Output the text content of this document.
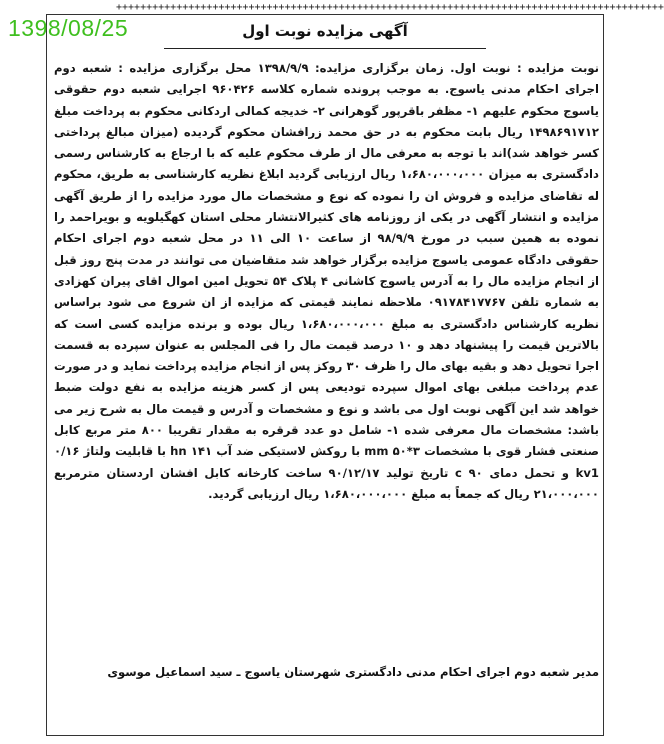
+++++++++++++++++++++++++++++++++++++++++++++++++++++++++++++++++++++++++++++++++++++++++++
1398/08/25	آگهی مزایده نوبت اول

نوبت مزایده : نوبت اول. زمان برگزاری مزایده: ۱۳۹۸/۹/۹ محل برگزاری مزایده : شعبه دوم اجرای احکام مدنی یاسوج. به موجب پرونده شماره کلاسه ۹۶۰۴۲۶ اجرایی شعبه دوم حقوقی یاسوج محکوم علیهم ۱- مظفر باقرپور گوهرانی ۲- خدیجه کمالی اردکانی محکوم به پرداخت مبلغ ۱۴۹۸۶۹۱۷۱۲ ریال بابت محکوم به در حق محمد زرافشان محکوم گردیده (میزان مبالغ پرداختی کسر خواهد شد)اند با توجه به معرفی مال از طرف محکوم علیه که با ارجاع به کارشناس رسمی دادگستری به میزان ۱،۶۸۰،۰۰۰،۰۰۰ ریال ارزیابی گردید ابلاغ نظریه کارشناسی به طریق، محکوم له تقاضای مزایده و فروش ان را نموده که نوع و مشخصات مال مورد مزایده را از طریق آگهی مزایده و انتشار آگهی در یکی از روزنامه های کثیرالانتشار محلی استان کهگیلویه و بویراحمد را نموده به همین سبب در مورخ ۹۸/۹/۹ از ساعت ۱۰ الی ۱۱ در محل شعبه دوم اجرای احکام حقوقی دادگاه عمومی یاسوج مزایده برگزار خواهد شد متقاضیان می توانند در مدت پنج روز قبل از انجام مزایده مال را به آدرس یاسوج کاشانی ۴ پلاک ۵۴ تحویل امین اموال اقای پیران کهزادی به شماره تلفن ۰۹۱۷۸۴۱۷۷۶۷ ملاحظه نمایند قیمتی که مزایده از ان شروع می شود براساس نظریه کارشناس دادگستری به مبلغ ۱،۶۸۰،۰۰۰،۰۰۰ ریال بوده و برنده مزایده کسی است که بالاترین قیمت را پیشنهاد دهد و ۱۰ درصد قیمت مال را فی المجلس به عنوان سپرده به قسمت اجرا تحویل دهد و بقیه بهای مال را ظرف ۳۰ روکز پس از انجام مزایده پرداخت نماید و در صورت عدم پرداخت مبلغی بهای اموال سپرده تودیعی پس از کسر هزینه مزایده به نفع دولت ضبط خواهد شد این آگهی نوبت اول می باشد و نوع و مشخصات و آدرس و قیمت مال به شرح زیر می باشد: مشخصات مال معرفی شده ۱- شامل دو عدد قرقره به مقدار تقریبا ۸۰۰ متر مربع کابل صنعتی فشار قوی با مشخصات ۳*۵۰ mm با روکش لاستیکی ضد آب ۱۴۱ hn با قابلیت ولتاژ ۰/۱۶ kv1 و تحمل دمای ۹۰ c تاریخ تولید ۹۰/۱۲/۱۷ ساخت کارخانه کابل افشان اردستان مترمربع ۲۱،۰۰۰،۰۰۰ ریال که جمعاً به مبلغ ۱،۶۸۰،۰۰۰،۰۰۰ ریال ارزیابی گردید.

مدیر شعبه دوم اجرای احکام مدنی دادگستری شهرستان یاسوج ـ سید اسماعیل موسوی
